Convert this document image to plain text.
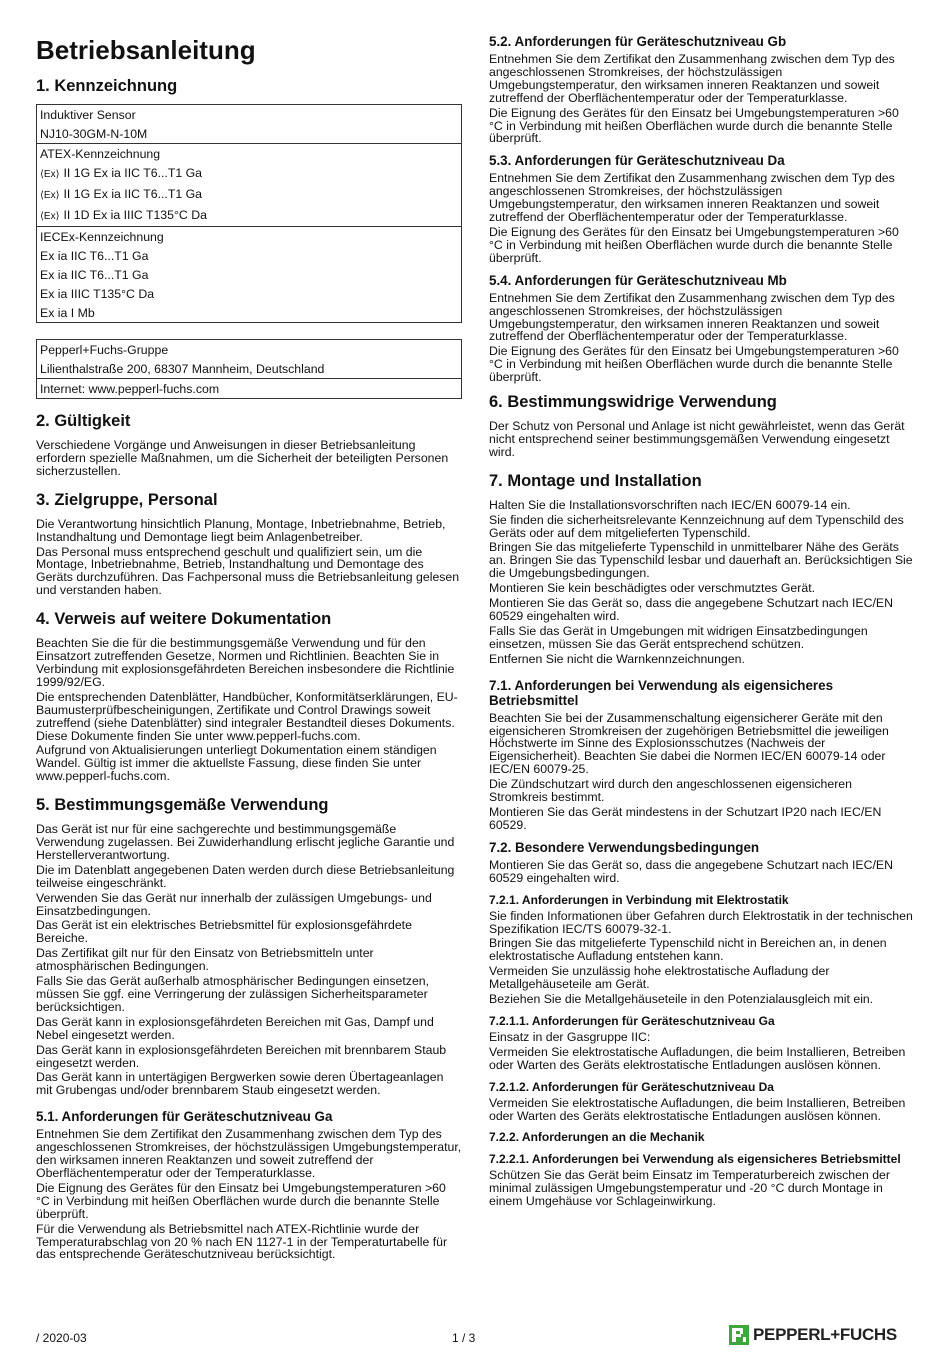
Betriebsanleitung
1. Kennzeichnung
Induktiver Sensor
NJ10-30GM-N-10M
ATEX-Kennzeichnung
⟨Ex⟩ II 1G Ex ia IIC T6...T1 Ga
⟨Ex⟩ II 1G Ex ia IIC T6...T1 Ga
⟨Ex⟩ II 1D Ex ia IIIC T135°C Da
IECEx-Kennzeichnung
Ex ia IIC T6...T1 Ga
Ex ia IIC T6...T1 Ga
Ex ia IIIC T135°C Da
Ex ia I Mb
Pepperl+Fuchs-Gruppe
Lilienthalstraße 200, 68307 Mannheim, Deutschland
Internet: www.pepperl-fuchs.com
2. Gültigkeit

Verschiedene Vorgänge und Anweisungen in dieser Betriebsanleitung erfordern spezielle Maßnahmen, um die Sicherheit der beteiligten Personen sicherzustellen.

3. Zielgruppe, Personal

Die Verantwortung hinsichtlich Planung, Montage, Inbetriebnahme, Betrieb, Instandhaltung und Demontage liegt beim Anlagenbetreiber.

Das Personal muss entsprechend geschult und qualifiziert sein, um die Montage, Inbetriebnahme, Betrieb, Instandhaltung und Demontage des Geräts durchzuführen. Das Fachpersonal muss die Betriebsanleitung gelesen und verstanden haben.

4. Verweis auf weitere Dokumentation

Beachten Sie die für die bestimmungsgemäße Verwendung und für den Einsatzort zutreffenden Gesetze, Normen und Richtlinien. Beachten Sie in Verbindung mit explosionsgefährdeten Bereichen insbesondere die Richtlinie 1999/92/EG.

Die entsprechenden Datenblätter, Handbücher, Konformitätserklärungen, EU-Baumusterprüfbescheinigungen, Zertifikate und Control Drawings soweit zutreffend (siehe Datenblätter) sind integraler Bestandteil dieses Dokuments. Diese Dokumente finden Sie unter www.pepperl-fuchs.com.

Aufgrund von Aktualisierungen unterliegt Dokumentation einem ständigen Wandel. Gültig ist immer die aktuellste Fassung, diese finden Sie unter www.pepperl-fuchs.com.

5. Bestimmungsgemäße Verwendung

Das Gerät ist nur für eine sachgerechte und bestimmungsgemäße Verwendung zugelassen. Bei Zuwiderhandlung erlischt jegliche Garantie und Herstellerverantwortung.

Die im Datenblatt angegebenen Daten werden durch diese Betriebsanleitung teilweise eingeschränkt.

Verwenden Sie das Gerät nur innerhalb der zulässigen Umgebungs- und Einsatzbedingungen.

Das Gerät ist ein elektrisches Betriebsmittel für explosionsgefährdete Bereiche.

Das Zertifikat gilt nur für den Einsatz von Betriebsmitteln unter atmosphärischen Bedingungen.

Falls Sie das Gerät außerhalb atmosphärischer Bedingungen einsetzen, müssen Sie ggf. eine Verringerung der zulässigen Sicherheitsparameter berücksichtigen.

Das Gerät kann in explosionsgefährdeten Bereichen mit Gas, Dampf und Nebel eingesetzt werden.

Das Gerät kann in explosionsgefährdeten Bereichen mit brennbarem Staub eingesetzt werden.

Das Gerät kann in untertägigen Bergwerken sowie deren Übertageanlagen mit Grubengas und/oder brennbarem Staub eingesetzt werden.

5.1. Anforderungen für Geräteschutzniveau Ga

Entnehmen Sie dem Zertifikat den Zusammenhang zwischen dem Typ des angeschlossenen Stromkreises, der höchstzulässigen Umgebungstemperatur, den wirksamen inneren Reaktanzen und soweit zutreffend der Oberflächentemperatur oder der Temperaturklasse.

Die Eignung des Gerätes für den Einsatz bei Umgebungstemperaturen >60 °C in Verbindung mit heißen Oberflächen wurde durch die benannte Stelle überprüft.

Für die Verwendung als Betriebsmittel nach ATEX-Richtlinie wurde der Temperaturabschlag von 20 % nach EN 1127-1 in der Temperaturtabelle für das entsprechende Geräteschutzniveau berücksichtigt.

5.2. Anforderungen für Geräteschutzniveau Gb

Entnehmen Sie dem Zertifikat den Zusammenhang zwischen dem Typ des angeschlossenen Stromkreises, der höchstzulässigen Umgebungstemperatur, den wirksamen inneren Reaktanzen und soweit zutreffend der Oberflächentemperatur oder der Temperaturklasse.

Die Eignung des Gerätes für den Einsatz bei Umgebungstemperaturen >60 °C in Verbindung mit heißen Oberflächen wurde durch die benannte Stelle überprüft.

5.3. Anforderungen für Geräteschutzniveau Da

Entnehmen Sie dem Zertifikat den Zusammenhang zwischen dem Typ des angeschlossenen Stromkreises, der höchstzulässigen Umgebungstemperatur, den wirksamen inneren Reaktanzen und soweit zutreffend der Oberflächentemperatur oder der Temperaturklasse.

Die Eignung des Gerätes für den Einsatz bei Umgebungstemperaturen >60 °C in Verbindung mit heißen Oberflächen wurde durch die benannte Stelle überprüft.

5.4. Anforderungen für Geräteschutzniveau Mb

Entnehmen Sie dem Zertifikat den Zusammenhang zwischen dem Typ des angeschlossenen Stromkreises, der höchstzulässigen Umgebungstemperatur, den wirksamen inneren Reaktanzen und soweit zutreffend der Oberflächentemperatur oder der Temperaturklasse.

Die Eignung des Gerätes für den Einsatz bei Umgebungstemperaturen >60 °C in Verbindung mit heißen Oberflächen wurde durch die benannte Stelle überprüft.

6. Bestimmungswidrige Verwendung

Der Schutz von Personal und Anlage ist nicht gewährleistet, wenn das Gerät nicht entsprechend seiner bestimmungsgemäßen Verwendung eingesetzt wird.

7. Montage und Installation

Halten Sie die Installationsvorschriften nach IEC/EN 60079-14 ein.

Sie finden die sicherheitsrelevante Kennzeichnung auf dem Typenschild des Geräts oder auf dem mitgelieferten Typenschild.

Bringen Sie das mitgelieferte Typenschild in unmittelbarer Nähe des Geräts an. Bringen Sie das Typenschild lesbar und dauerhaft an. Berücksichtigen Sie die Umgebungsbedingungen.

Montieren Sie kein beschädigtes oder verschmutztes Gerät.

Montieren Sie das Gerät so, dass die angegebene Schutzart nach IEC/EN 60529 eingehalten wird.

Falls Sie das Gerät in Umgebungen mit widrigen Einsatzbedingungen einsetzen, müssen Sie das Gerät entsprechend schützen.

Entfernen Sie nicht die Warnkennzeichnungen.

7.1. Anforderungen bei Verwendung als eigensicheres Betriebsmittel

Beachten Sie bei der Zusammenschaltung eigensicherer Geräte mit den eigensicheren Stromkreisen der zugehörigen Betriebsmittel die jeweiligen Höchstwerte im Sinne des Explosionsschutzes (Nachweis der Eigensicherheit). Beachten Sie dabei die Normen IEC/EN 60079-14 oder IEC/EN 60079-25.

Die Zündschutzart wird durch den angeschlossenen eigensicheren Stromkreis bestimmt.

Montieren Sie das Gerät mindestens in der Schutzart IP20 nach IEC/EN 60529.

7.2. Besondere Verwendungsbedingungen

Montieren Sie das Gerät so, dass die angegebene Schutzart nach IEC/EN 60529 eingehalten wird.

7.2.1. Anforderungen in Verbindung mit Elektrostatik

Sie finden Informationen über Gefahren durch Elektrostatik in der technischen Spezifikation IEC/TS 60079-32-1.

Bringen Sie das mitgelieferte Typenschild nicht in Bereichen an, in denen elektrostatische Aufladung entstehen kann.

Vermeiden Sie unzulässig hohe elektrostatische Aufladung der Metallgehäuseteile am Gerät.

Beziehen Sie die Metallgehäuseteile in den Potenzialausgleich mit ein.

7.2.1.1. Anforderungen für Geräteschutzniveau Ga

Einsatz in der Gasgruppe IIC:

Vermeiden Sie elektrostatische Aufladungen, die beim Installieren, Betreiben oder Warten des Geräts elektrostatische Entladungen auslösen können.

7.2.1.2. Anforderungen für Geräteschutzniveau Da

Vermeiden Sie elektrostatische Aufladungen, die beim Installieren, Betreiben oder Warten des Geräts elektrostatische Entladungen auslösen können.

7.2.2. Anforderungen an die Mechanik
7.2.2.1. Anforderungen bei Verwendung als eigensicheres Betriebsmittel

Schützen Sie das Gerät beim Einsatz im Temperaturbereich zwischen der minimal zulässigen Umgebungstemperatur und -20 °C durch Montage in einem Umgehäuse vor Schlageinwirkung.

/ 2020-03	1 / 3	PEPPERL+FUCHS
